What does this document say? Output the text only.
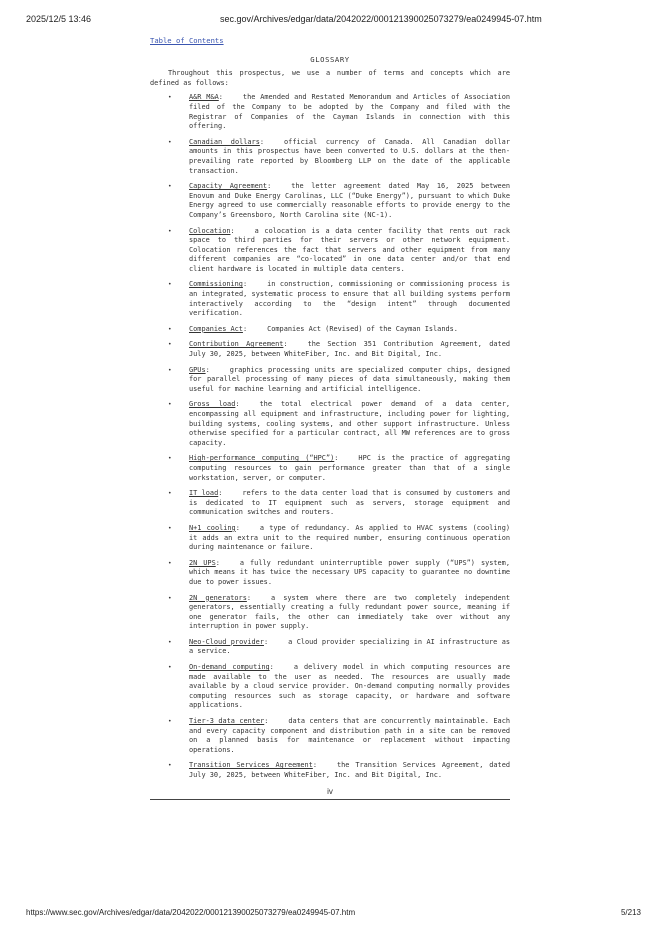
2025/12/5 13:46	sec.gov/Archives/edgar/data/2042022/000121390025073279/ea0249945-07.htm
Table of Contents
GLOSSARY

Throughout this prospectus, we use a number of terms and concepts which are defined as follows:

•	A&R M&A:	the Amended and Restated Memorandum and Articles of Association filed of the Company to be adopted by the Company and filed with the Registrar of Companies of the Cayman Islands in connection with this offering.
•	Canadian dollars:	official currency of Canada. All Canadian dollar amounts in this prospectus have been converted to U.S. dollars at the then-prevailing rate reported by Bloomberg LLP on the date of the applicable transaction.
•	Capacity Agreement:	the letter agreement dated May 16, 2025 between Enovum and Duke Energy Carolinas, LLC (“Duke Energy”), pursuant to which Duke Energy agreed to use commercially reasonable efforts to provide energy to the Company’s Greensboro, North Carolina site (NC-1).
•	Colocation:	a colocation is a data center facility that rents out rack space to third parties for their servers or other network equipment. Colocation references the fact that servers and other equipment from many different companies are “co-located” in one data center and/or that end client hardware is located in multiple data centers.
•	Commissioning:	in construction, commissioning or commissioning process is an integrated, systematic process to ensure that all building systems perform interactively according to the “design intent” through documented verification.
•	Companies Act:	Companies Act (Revised) of the Cayman Islands.
•	Contribution Agreement:	the Section 351 Contribution Agreement, dated July 30, 2025, between WhiteFiber, Inc. and Bit Digital, Inc.
•	GPUs:	graphics processing units are specialized computer chips, designed for parallel processing of many pieces of data simultaneously, making them useful for machine learning and artificial intelligence.
•	Gross load:	the total electrical power demand of a data center, encompassing all equipment and infrastructure, including power for lighting, building systems, cooling systems, and other support infrastructure. Unless otherwise specified for a particular contract, all MW references are to gross capacity.
•	High-performance computing (“HPC”):	HPC is the practice of aggregating computing resources to gain performance greater than that of a single workstation, server, or computer.
•	IT load:	refers to the data center load that is consumed by customers and is dedicated to IT equipment such as servers, storage equipment and communication switches and routers.
•	N+1 cooling:	a type of redundancy. As applied to HVAC systems (cooling) it adds an extra unit to the required number, ensuring continuous operation during maintenance or failure.
•	2N UPS:	a fully redundant uninterruptible power supply (“UPS”) system, which means it has twice the necessary UPS capacity to guarantee no downtime due to power issues.
•	2N generators:	a system where there are two completely independent generators, essentially creating a fully redundant power source, meaning if one generator fails, the other can immediately take over without any interruption in power supply.
•	Neo-Cloud provider:	a Cloud provider specializing in AI infrastructure as a service.
•	On-demand computing:	a delivery model in which computing resources are made available to the user as needed. The resources are usually made available by a cloud service provider. On-demand computing normally provides computing resources such as storage capacity, or hardware and software applications.
•	Tier-3 data center:	data centers that are concurrently maintainable. Each and every capacity component and distribution path in a site can be removed on a planned basis for maintenance or replacement without impacting operations.
•	Transition Services Agreement:	the Transition Services Agreement, dated July 30, 2025, between WhiteFiber, Inc. and Bit Digital, Inc.
iv
https://www.sec.gov/Archives/edgar/data/2042022/000121390025073279/ea0249945-07.htm	5/213
